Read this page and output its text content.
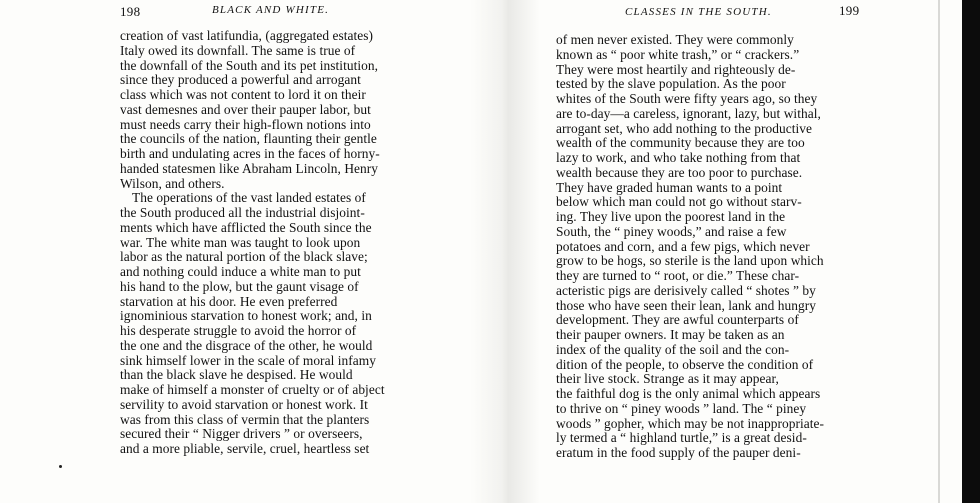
198	BLACK AND WHITE.
creation of vast latifundia, (aggregated estates)
Italy owed its downfall. The same is true of
the downfall of the South and its pet institution,
since they produced a powerful and arrogant
class which was not content to lord it on their
vast demesnes and over their pauper labor, but
must needs carry their high-flown notions into
the councils of the nation, flaunting their gentle
birth and undulating acres in the faces of horny-
handed statesmen like Abraham Lincoln, Henry
Wilson, and others.
The operations of the vast landed estates of
the South produced all the industrial disjoint-
ments which have afflicted the South since the
war. The white man was taught to look upon
labor as the natural portion of the black slave;
and nothing could induce a white man to put
his hand to the plow, but the gaunt visage of
starvation at his door. He even preferred
ignominious starvation to honest work; and, in
his desperate struggle to avoid the horror of
the one and the disgrace of the other, he would
sink himself lower in the scale of moral infamy
than the black slave he despised. He would
make of himself a monster of cruelty or of abject
servility to avoid starvation or honest work. It
was from this class of vermin that the planters
secured their “ Nigger drivers ” or overseers,
and a more pliable, servile, cruel, heartless set
CLASSES IN THE SOUTH.	199
of men never existed. They were commonly
known as “ poor white trash,” or “ crackers.”
They were most heartily and righteously de-
tested by the slave population. As the poor
whites of the South were fifty years ago, so they
are to-day—a careless, ignorant, lazy, but withal,
arrogant set, who add nothing to the productive
wealth of the community because they are too
lazy to work, and who take nothing from that
wealth because they are too poor to purchase.
They have graded human wants to a point
below which man could not go without starv-
ing. They live upon the poorest land in the
South, the “ piney woods,” and raise a few
potatoes and corn, and a few pigs, which never
grow to be hogs, so sterile is the land upon which
they are turned to “ root, or die.” These char-
acteristic pigs are derisively called “ shotes ” by
those who have seen their lean, lank and hungry
development. They are awful counterparts of
their pauper owners. It may be taken as an
index of the quality of the soil and the con-
dition of the people, to observe the condition of
their live stock. Strange as it may appear,
the faithful dog is the only animal which appears
to thrive on “ piney woods ” land. The “ piney
woods ” gopher, which may be not inappropriate-
ly termed a “ highland turtle,” is a great desid-
eratum in the food supply of the pauper deni-
